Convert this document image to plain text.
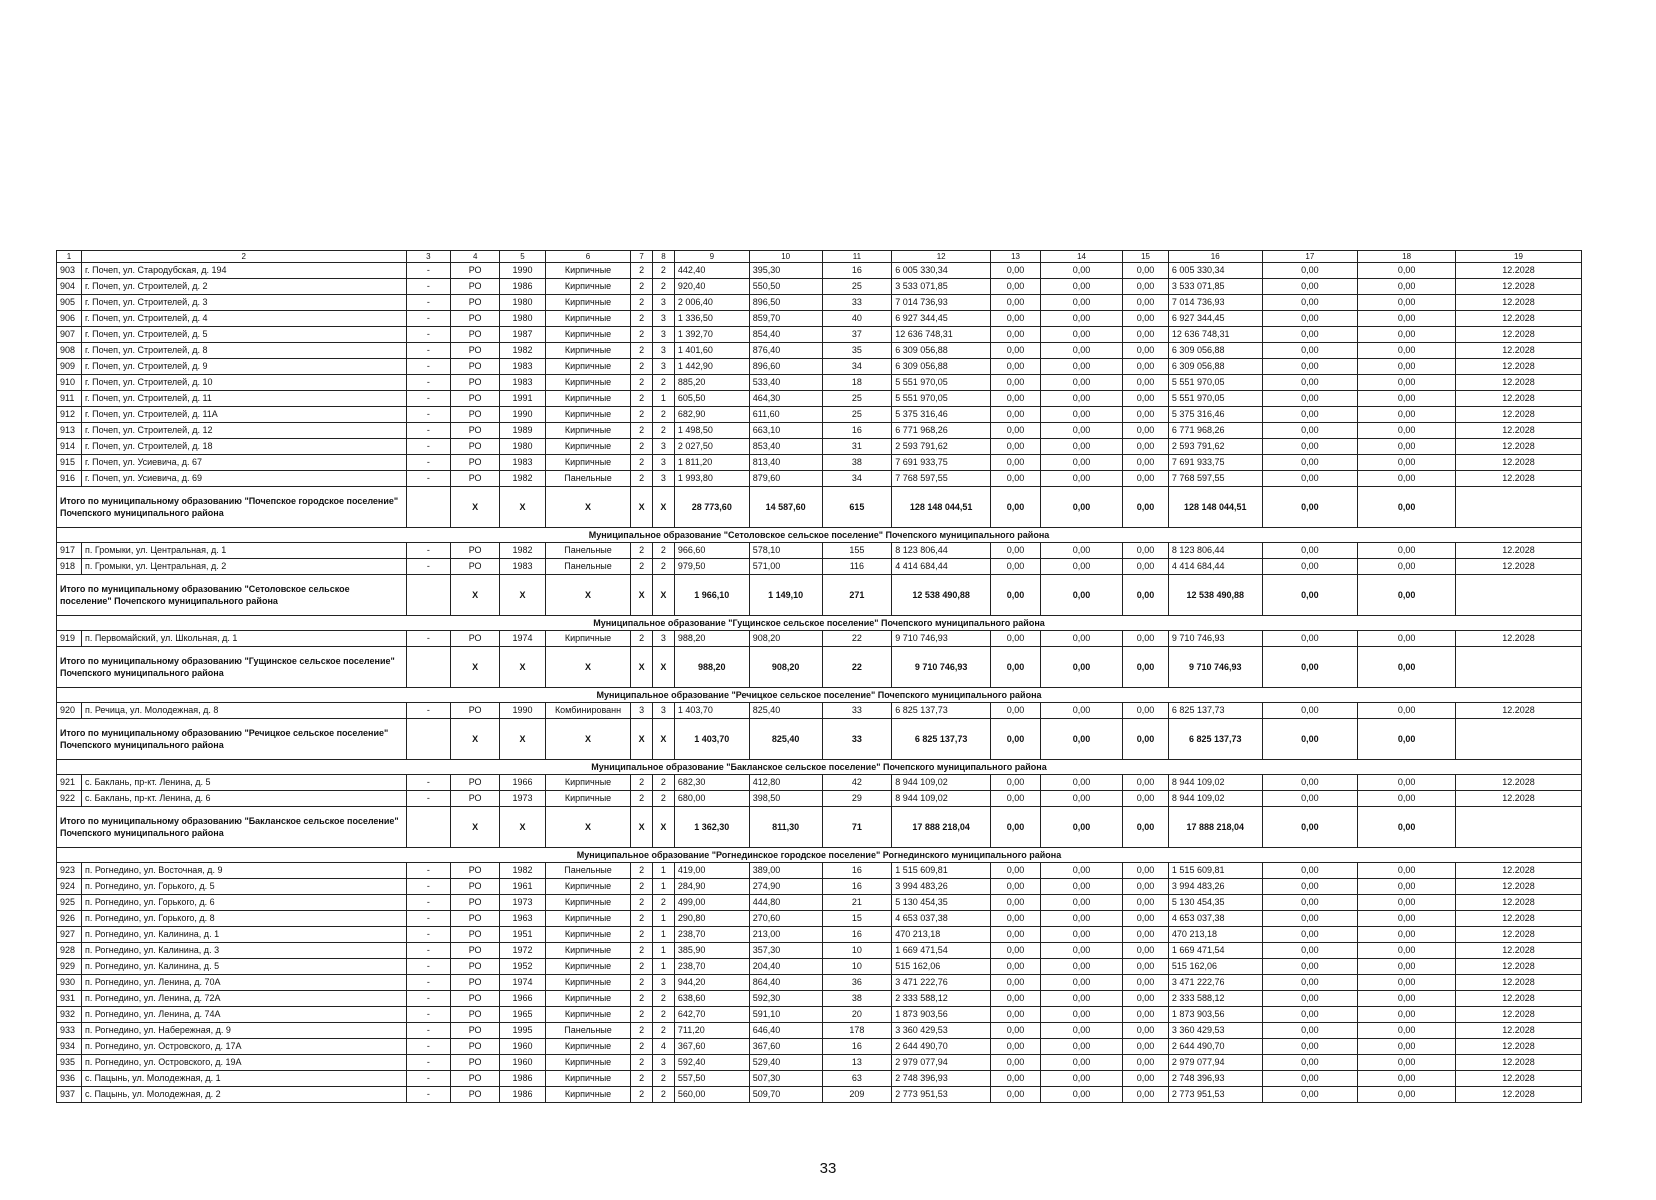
1	2	3	4	5	6	7	8	9	10	11	12	13	14	15	16	17	18	19
903	г. Почеп, ул. Стародубская, д. 194	-	РО	1990	Кирпичные	2	2	442,40	395,30	16	6 005 330,34	0,00	0,00	0,00	6 005 330,34	0,00	0,00	12.2028
904	г. Почеп, ул. Строителей, д. 2	-	РО	1986	Кирпичные	2	2	920,40	550,50	25	3 533 071,85	0,00	0,00	0,00	3 533 071,85	0,00	0,00	12.2028
905	г. Почеп, ул. Строителей, д. 3	-	РО	1980	Кирпичные	2	3	2 006,40	896,50	33	7 014 736,93	0,00	0,00	0,00	7 014 736,93	0,00	0,00	12.2028
906	г. Почеп, ул. Строителей, д. 4	-	РО	1980	Кирпичные	2	3	1 336,50	859,70	40	6 927 344,45	0,00	0,00	0,00	6 927 344,45	0,00	0,00	12.2028
907	г. Почеп, ул. Строителей, д. 5	-	РО	1987	Кирпичные	2	3	1 392,70	854,40	37	12 636 748,31	0,00	0,00	0,00	12 636 748,31	0,00	0,00	12.2028
908	г. Почеп, ул. Строителей, д. 8	-	РО	1982	Кирпичные	2	3	1 401,60	876,40	35	6 309 056,88	0,00	0,00	0,00	6 309 056,88	0,00	0,00	12.2028
909	г. Почеп, ул. Строителей, д. 9	-	РО	1983	Кирпичные	2	3	1 442,90	896,60	34	6 309 056,88	0,00	0,00	0,00	6 309 056,88	0,00	0,00	12.2028
910	г. Почеп, ул. Строителей, д. 10	-	РО	1983	Кирпичные	2	2	885,20	533,40	18	5 551 970,05	0,00	0,00	0,00	5 551 970,05	0,00	0,00	12.2028
911	г. Почеп, ул. Строителей, д. 11	-	РО	1991	Кирпичные	2	1	605,50	464,30	25	5 551 970,05	0,00	0,00	0,00	5 551 970,05	0,00	0,00	12.2028
912	г. Почеп, ул. Строителей, д. 11А	-	РО	1990	Кирпичные	2	2	682,90	611,60	25	5 375 316,46	0,00	0,00	0,00	5 375 316,46	0,00	0,00	12.2028
913	г. Почеп, ул. Строителей, д. 12	-	РО	1989	Кирпичные	2	2	1 498,50	663,10	16	6 771 968,26	0,00	0,00	0,00	6 771 968,26	0,00	0,00	12.2028
914	г. Почеп, ул. Строителей, д. 18	-	РО	1980	Кирпичные	2	3	2 027,50	853,40	31	2 593 791,62	0,00	0,00	0,00	2 593 791,62	0,00	0,00	12.2028
915	г. Почеп, ул. Усиевича, д. 67	-	РО	1983	Кирпичные	2	3	1 811,20	813,40	38	7 691 933,75	0,00	0,00	0,00	7 691 933,75	0,00	0,00	12.2028
916	г. Почеп, ул. Усиевича, д. 69	-	РО	1982	Панельные	2	3	1 993,80	879,60	34	7 768 597,55	0,00	0,00	0,00	7 768 597,55	0,00	0,00	12.2028
Итого по муниципальному образованию "Почепское городское поселение" Почепского муниципального района			X	X	X	X	X	28 773,60	14 587,60	615	128 148 044,51	0,00	0,00	0,00	128 148 044,51	0,00	0,00	
Муниципальное образование "Сетоловское сельское поселение" Почепского муниципального района																		
917	п. Громыки, ул. Центральная, д. 1	-	РО	1982	Панельные	2	2	966,60	578,10	155	8 123 806,44	0,00	0,00	0,00	8 123 806,44	0,00	0,00	12.2028
918	п. Громыки, ул. Центральная, д. 2	-	РО	1983	Панельные	2	2	979,50	571,00	116	4 414 684,44	0,00	0,00	0,00	4 414 684,44	0,00	0,00	12.2028
Итого по муниципальному образованию "Сетоловское сельское поселение" Почепского муниципального района			X	X	X	X	X	1 966,10	1 149,10	271	12 538 490,88	0,00	0,00	0,00	12 538 490,88	0,00	0,00	
Муниципальное образование "Гущинское сельское поселение" Почепского муниципального района																		
919	п. Первомайский, ул. Школьная, д. 1	-	РО	1974	Кирпичные	2	3	988,20	908,20	22	9 710 746,93	0,00	0,00	0,00	9 710 746,93	0,00	0,00	12.2028
Итого по муниципальному образованию "Гущинское сельское поселение" Почепского муниципального района			X	X	X	X	X	988,20	908,20	22	9 710 746,93	0,00	0,00	0,00	9 710 746,93	0,00	0,00	
Муниципальное образование "Речицкое сельское поселение" Почепского муниципального района																		
920	п. Речица, ул. Молодежная, д. 8	-	РО	1990	Комбинированн	3	3	1 403,70	825,40	33	6 825 137,73	0,00	0,00	0,00	6 825 137,73	0,00	0,00	12.2028
Итого по муниципальному образованию "Речицкое сельское поселение" Почепского муниципального района			X	X	X	X	X	1 403,70	825,40	33	6 825 137,73	0,00	0,00	0,00	6 825 137,73	0,00	0,00	
Муниципальное образование "Бакланское сельское поселение" Почепского муниципального района																		
921	с. Баклань, пр-кт. Ленина, д. 5	-	РО	1966	Кирпичные	2	2	682,30	412,80	42	8 944 109,02	0,00	0,00	0,00	8 944 109,02	0,00	0,00	12.2028
922	с. Баклань, пр-кт. Ленина, д. 6	-	РО	1973	Кирпичные	2	2	680,00	398,50	29	8 944 109,02	0,00	0,00	0,00	8 944 109,02	0,00	0,00	12.2028
Итого по муниципальному образованию "Бакланское сельское поселение" Почепского муниципального района			X	X	X	X	X	1 362,30	811,30	71	17 888 218,04	0,00	0,00	0,00	17 888 218,04	0,00	0,00	
Муниципальное образование "Рогнединское городское поселение" Рогнединского муниципального района																		
923	п. Рогнедино, ул. Восточная, д. 9	-	РО	1982	Панельные	2	1	419,00	389,00	16	1 515 609,81	0,00	0,00	0,00	1 515 609,81	0,00	0,00	12.2028
924	п. Рогнедино, ул. Горького, д. 5	-	РО	1961	Кирпичные	2	1	284,90	274,90	16	3 994 483,26	0,00	0,00	0,00	3 994 483,26	0,00	0,00	12.2028
925	п. Рогнедино, ул. Горького, д. 6	-	РО	1973	Кирпичные	2	2	499,00	444,80	21	5 130 454,35	0,00	0,00	0,00	5 130 454,35	0,00	0,00	12.2028
926	п. Рогнедино, ул. Горького, д. 8	-	РО	1963	Кирпичные	2	1	290,80	270,60	15	4 653 037,38	0,00	0,00	0,00	4 653 037,38	0,00	0,00	12.2028
927	п. Рогнедино, ул. Калинина, д. 1	-	РО	1951	Кирпичные	2	1	238,70	213,00	16	470 213,18	0,00	0,00	0,00	470 213,18	0,00	0,00	12.2028
928	п. Рогнедино, ул. Калинина, д. 3	-	РО	1972	Кирпичные	2	1	385,90	357,30	10	1 669 471,54	0,00	0,00	0,00	1 669 471,54	0,00	0,00	12.2028
929	п. Рогнедино, ул. Калинина, д. 5	-	РО	1952	Кирпичные	2	1	238,70	204,40	10	515 162,06	0,00	0,00	0,00	515 162,06	0,00	0,00	12.2028
930	п. Рогнедино, ул. Ленина, д. 70А	-	РО	1974	Кирпичные	2	3	944,20	864,40	36	3 471 222,76	0,00	0,00	0,00	3 471 222,76	0,00	0,00	12.2028
931	п. Рогнедино, ул. Ленина, д. 72А	-	РО	1966	Кирпичные	2	2	638,60	592,30	38	2 333 588,12	0,00	0,00	0,00	2 333 588,12	0,00	0,00	12.2028
932	п. Рогнедино, ул. Ленина, д. 74А	-	РО	1965	Кирпичные	2	2	642,70	591,10	20	1 873 903,56	0,00	0,00	0,00	1 873 903,56	0,00	0,00	12.2028
933	п. Рогнедино, ул. Набережная, д. 9	-	РО	1995	Панельные	2	2	711,20	646,40	178	3 360 429,53	0,00	0,00	0,00	3 360 429,53	0,00	0,00	12.2028
934	п. Рогнедино, ул. Островского, д. 17А	-	РО	1960	Кирпичные	2	4	367,60	367,60	16	2 644 490,70	0,00	0,00	0,00	2 644 490,70	0,00	0,00	12.2028
935	п. Рогнедино, ул. Островского, д. 19А	-	РО	1960	Кирпичные	2	3	592,40	529,40	13	2 979 077,94	0,00	0,00	0,00	2 979 077,94	0,00	0,00	12.2028
936	с. Пацынь, ул. Молодежная, д. 1	-	РО	1986	Кирпичные	2	2	557,50	507,30	63	2 748 396,93	0,00	0,00	0,00	2 748 396,93	0,00	0,00	12.2028
937	с. Пацынь, ул. Молодежная, д. 2	-	РО	1986	Кирпичные	2	2	560,00	509,70	209	2 773 951,53	0,00	0,00	0,00	2 773 951,53	0,00	0,00	12.2028
33
